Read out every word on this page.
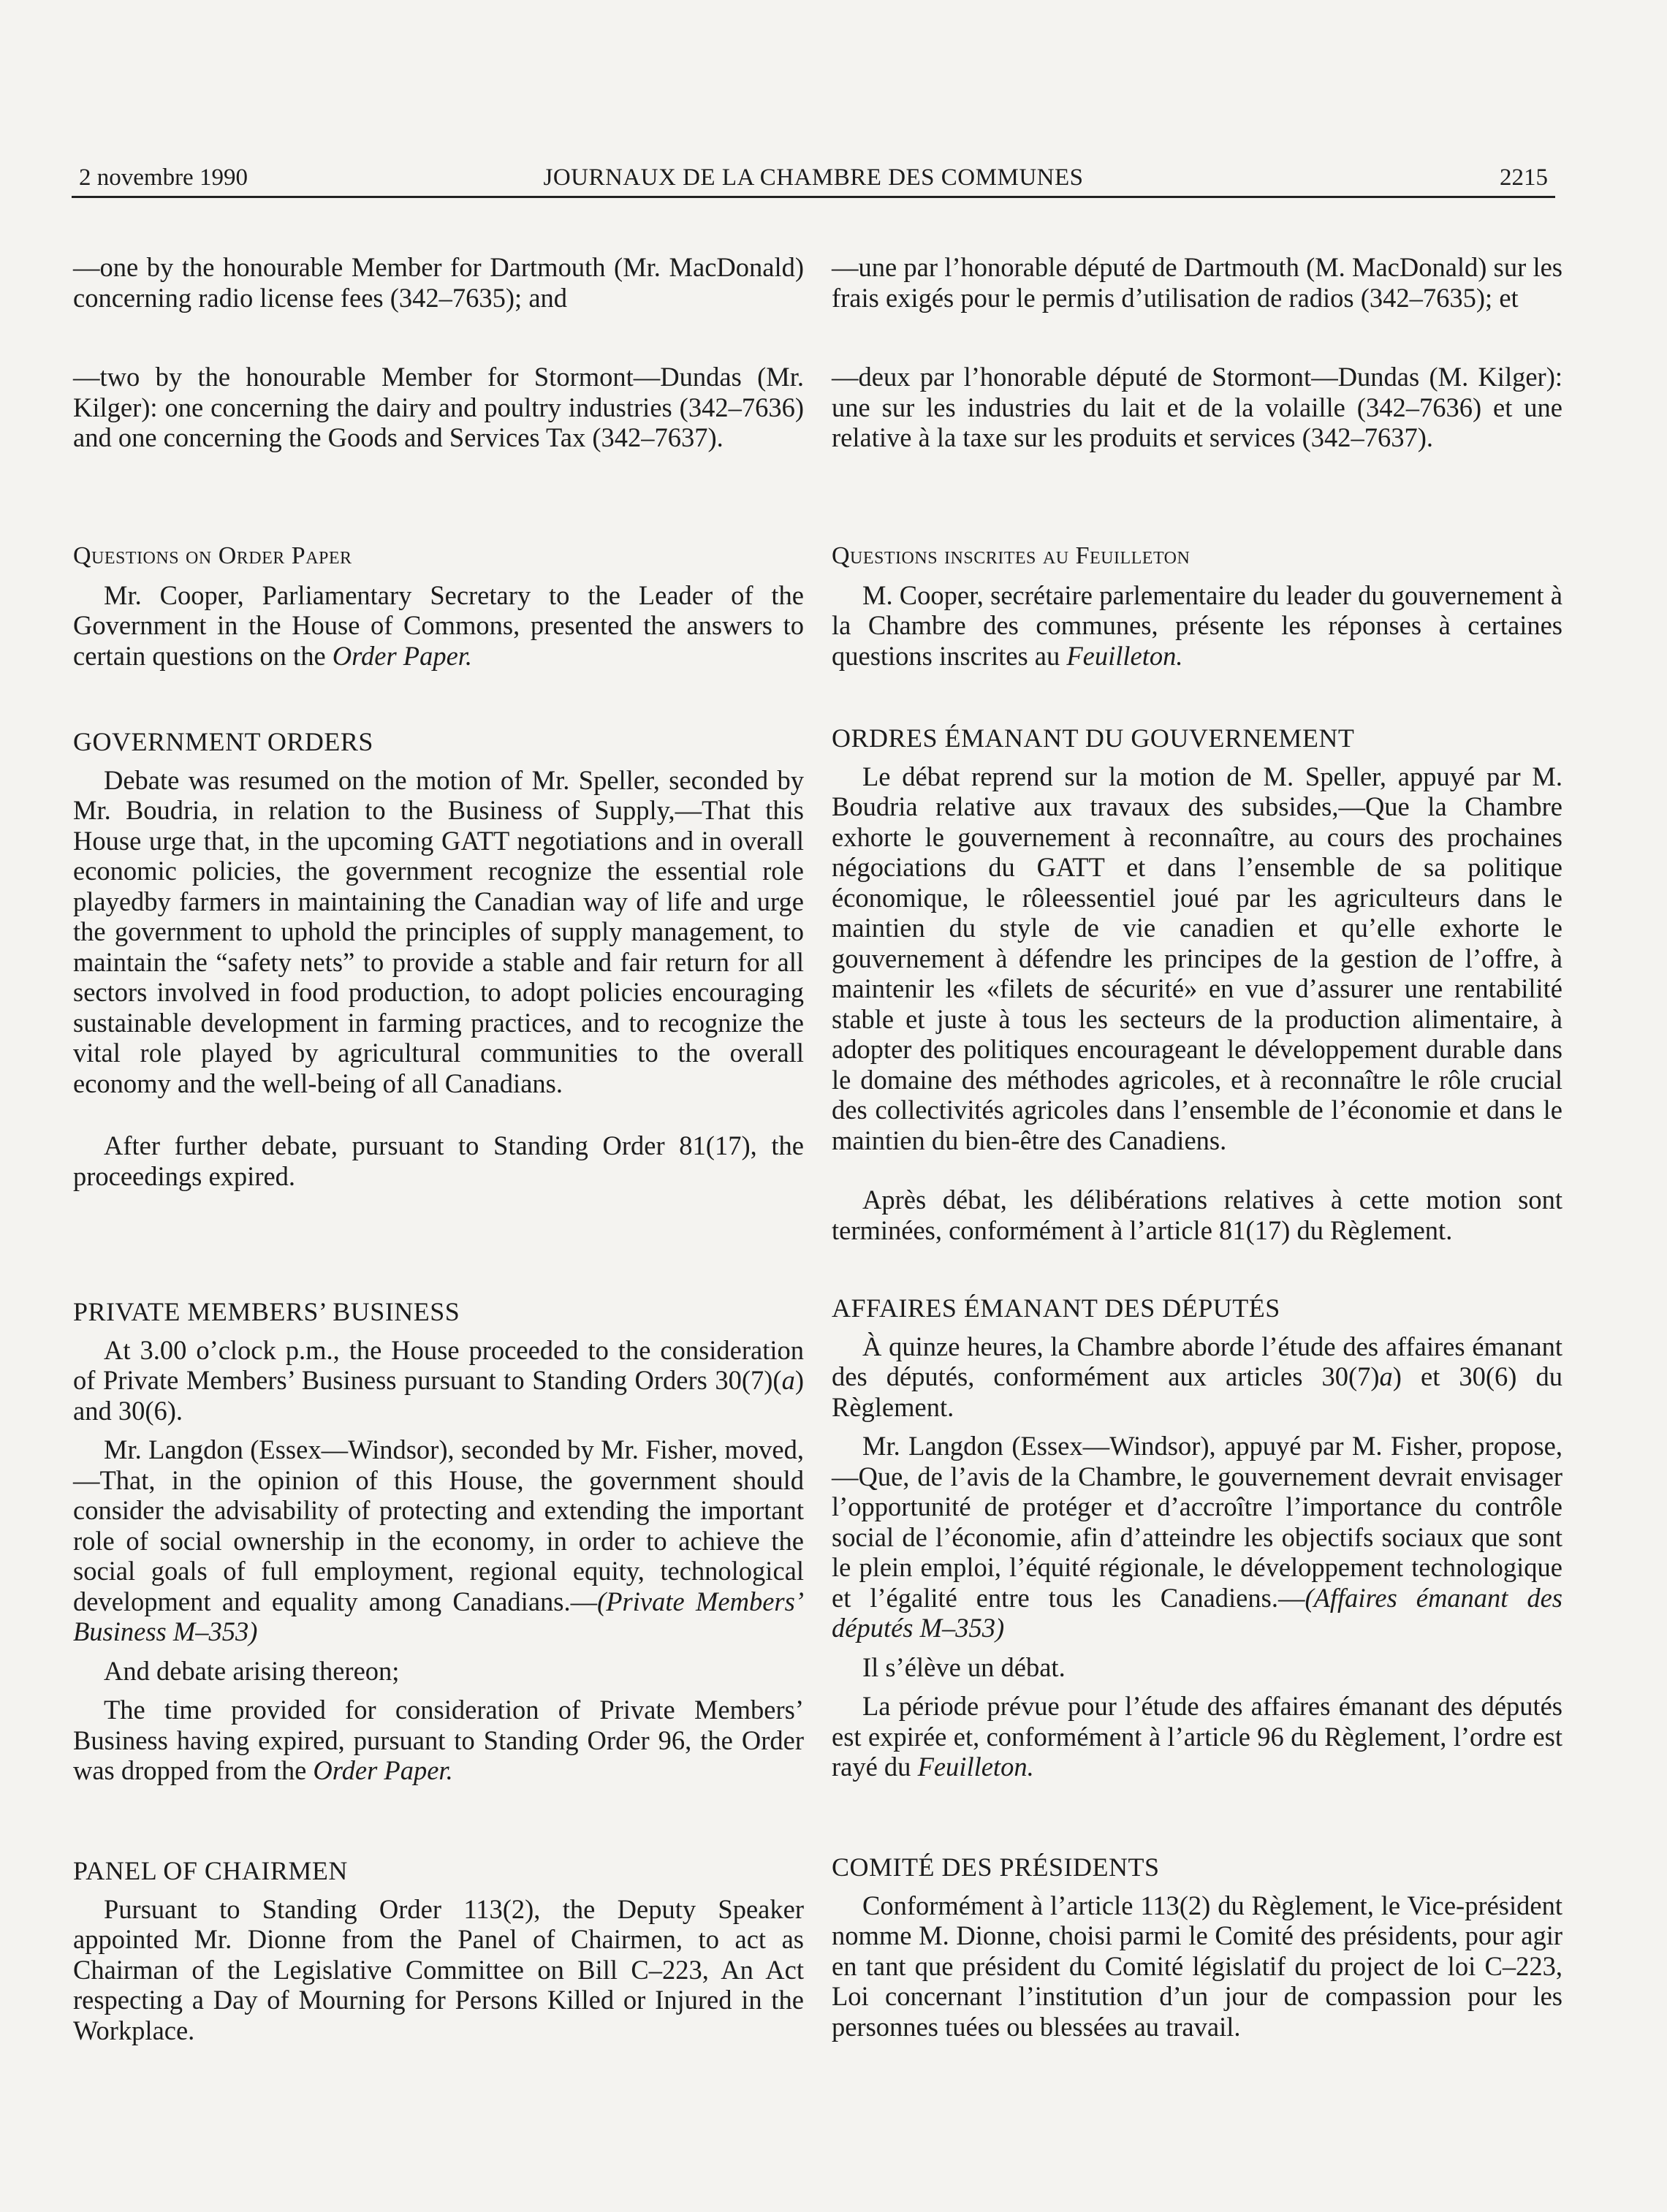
2 novembre 1990	JOURNAUX DE LA CHAMBRE DES COMMUNES	2215

—one by the honourable Member for Dartmouth (Mr. MacDonald) concerning radio license fees (342–7635); and

—two by the honourable Member for Stormont—Dundas (Mr. Kilger): one concerning the dairy and poultry industries (342–7636) and one concerning the Goods and Services Tax (342–7637).

Questions on Order Paper

Mr. Cooper, Parliamentary Secretary to the Leader of the Government in the House of Commons, presented the answers to certain questions on the Order Paper.

GOVERNMENT ORDERS

Debate was resumed on the motion of Mr. Speller, seconded by Mr. Boudria, in relation to the Business of Supply,—That this House urge that, in the upcoming GATT negotiations and in overall economic policies, the government recognize the essential role playedby farmers in maintaining the Canadian way of life and urge the government to uphold the principles of supply management, to maintain the “safety nets” to provide a stable and fair return for all sectors involved in food production, to adopt policies encouraging sustainable development in farming practices, and to recognize the vital role played by agricultural communities to the overall economy and the well-being of all Canadians.

After further debate, pursuant to Standing Order 81(17), the proceedings expired.

PRIVATE MEMBERS’ BUSINESS

At 3.00 o’clock p.m., the House proceeded to the consideration of Private Members’ Business pursuant to Standing Orders 30(7)(a) and 30(6).

Mr. Langdon (Essex—Windsor), seconded by Mr. Fisher, moved,—That, in the opinion of this House, the government should consider the advisability of protecting and extending the important role of social ownership in the economy, in order to achieve the social goals of full employment, regional equity, technological development and equality among Canadians.—(Private Members’ Business M–353)

And debate arising thereon;

The time provided for consideration of Private Members’ Business having expired, pursuant to Standing Order 96, the Order was dropped from the Order Paper.

PANEL OF CHAIRMEN

Pursuant to Standing Order 113(2), the Deputy Speaker appointed Mr. Dionne from the Panel of Chairmen, to act as Chairman of the Legislative Committee on Bill C–223, An Act respecting a Day of Mourning for Persons Killed or Injured in the Workplace.

—une par l’honorable député de Dartmouth (M. MacDonald) sur les frais exigés pour le permis d’utilisation de radios (342–7635); et

—deux par l’honorable député de Stormont—Dundas (M. Kilger): une sur les industries du lait et de la volaille (342–7636) et une relative à la taxe sur les produits et services (342–7637).

Questions inscrites au Feuilleton

M. Cooper, secrétaire parlementaire du leader du gouvernement à la Chambre des communes, présente les réponses à certaines questions inscrites au Feuilleton.

ORDRES ÉMANANT DU GOUVERNEMENT

Le débat reprend sur la motion de M. Speller, appuyé par M. Boudria relative aux travaux des subsides,—Que la Chambre exhorte le gouvernement à reconnaître, au cours des prochaines négociations du GATT et dans l’ensemble de sa politique économique, le rôleessentiel joué par les agriculteurs dans le maintien du style de vie canadien et qu’elle exhorte le gouvernement à défendre les principes de la gestion de l’offre, à maintenir les «filets de sécurité» en vue d’assurer une rentabilité stable et juste à tous les secteurs de la production alimentaire, à adopter des politiques encourageant le développement durable dans le domaine des méthodes agricoles, et à reconnaître le rôle crucial des collectivités agricoles dans l’ensemble de l’économie et dans le maintien du bien-être des Canadiens.

Après débat, les délibérations relatives à cette motion sont terminées, conformément à l’article 81(17) du Règlement.

AFFAIRES ÉMANANT DES DÉPUTÉS

À quinze heures, la Chambre aborde l’étude des affaires émanant des députés, conformément aux articles 30(7)a) et 30(6) du Règlement.

Mr. Langdon (Essex—Windsor), appuyé par M. Fisher, propose,—Que, de l’avis de la Chambre, le gouvernement devrait envisager l’opportunité de protéger et d’accroître l’importance du contrôle social de l’économie, afin d’atteindre les objectifs sociaux que sont le plein emploi, l’équité régionale, le développement technologique et l’égalité entre tous les Canadiens.—(Affaires émanant des députés M–353)

Il s’élève un débat.

La période prévue pour l’étude des affaires émanant des députés est expirée et, conformément à l’article 96 du Règlement, l’ordre est rayé du Feuilleton.

COMITÉ DES PRÉSIDENTS

Conformément à l’article 113(2) du Règlement, le Vice-président nomme M. Dionne, choisi parmi le Comité des présidents, pour agir en tant que président du Comité législatif du project de loi C–223, Loi concernant l’institution d’un jour de compassion pour les personnes tuées ou blessées au travail.
